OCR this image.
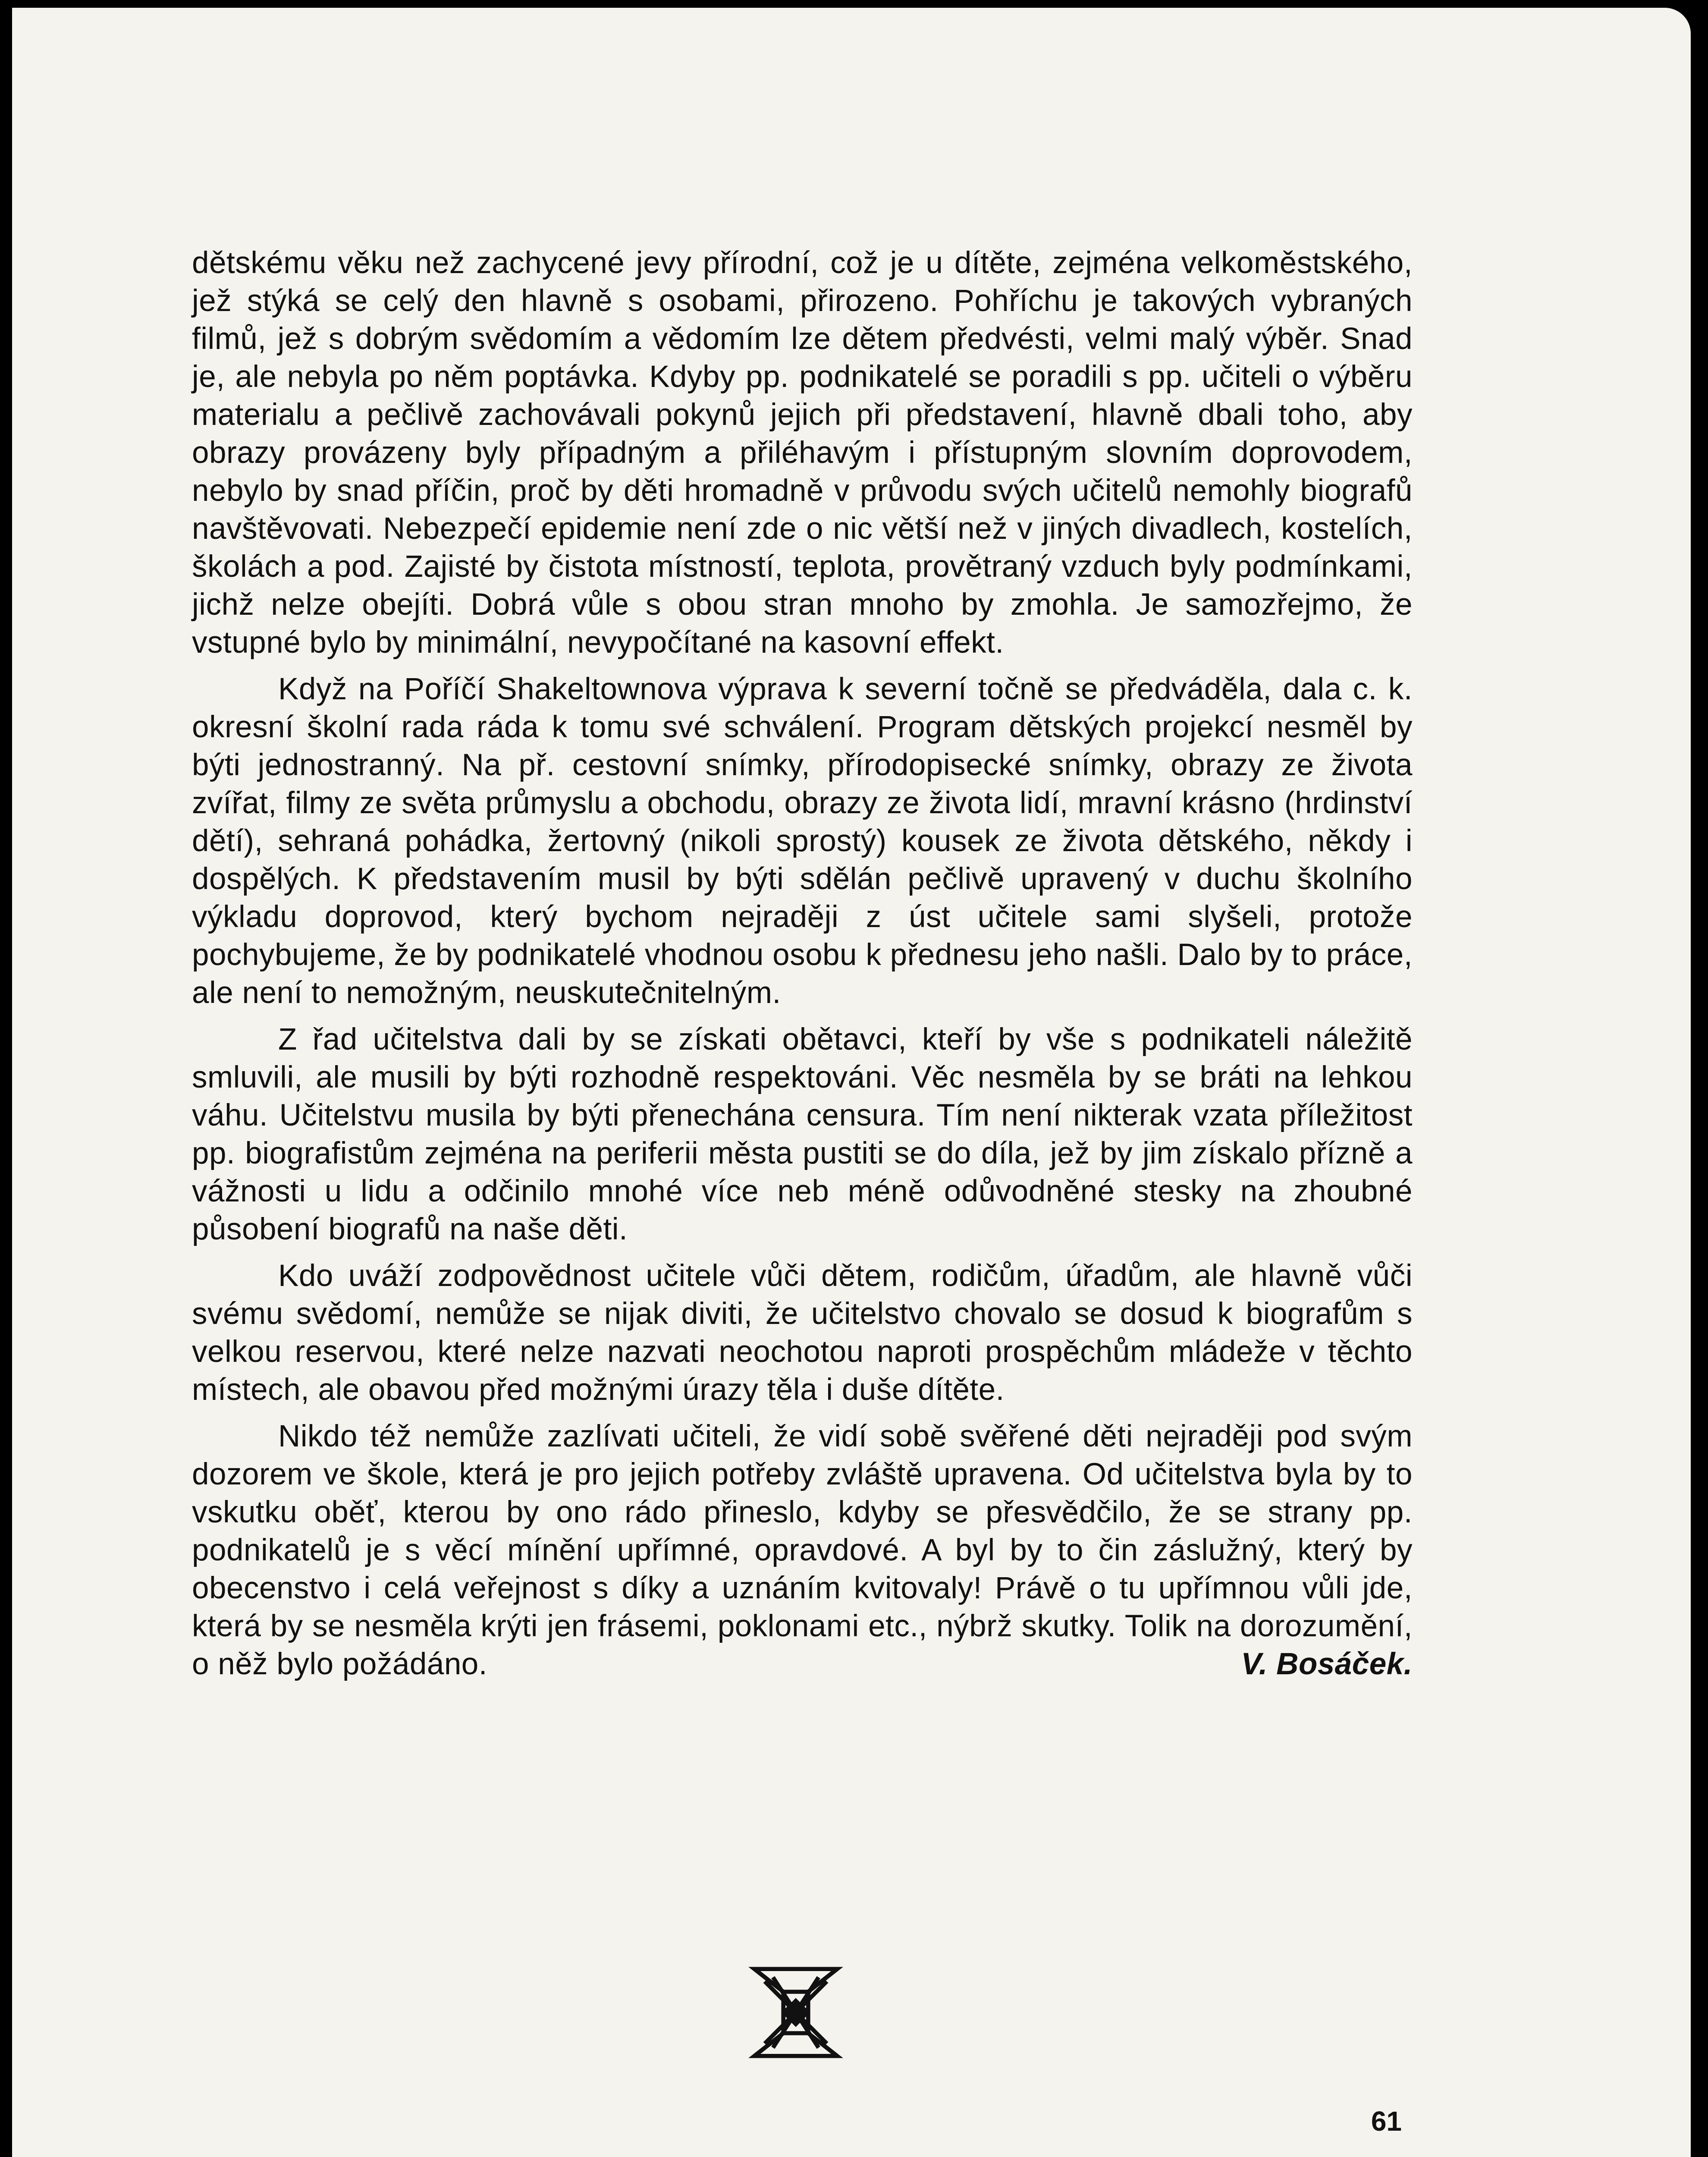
dětskému věku než zachycené jevy přírodní, což je u dítěte, zejména velkoměstského, jež stýká se celý den hlavně s osobami, přirozeno. Pohříchu je takových vybraných filmů, jež s dobrým svědomím a vědomím lze dětem předvésti, velmi malý výběr. Snad je, ale nebyla po něm poptávka. Kdyby pp. podnikatelé se poradili s pp. učiteli o výběru materialu a pečlivě zachovávali pokynů jejich při představení, hlavně dbali toho, aby obrazy provázeny byly případným a přiléhavým i přístupným slovním doprovodem, nebylo by snad příčin, proč by děti hromadně v průvodu svých učitelů nemohly biografů navštěvovati. Nebezpečí epidemie není zde o nic větší než v jiných divadlech, kostelích, školách a pod. Zajisté by čistota místností, teplota, provětraný vzduch byly podmínkami, jichž nelze obejíti. Dobrá vůle s obou stran mnoho by zmohla. Je samozřejmo, že vstupné bylo by minimální, nevypočítané na kasovní effekt.

Když na Poříčí Shakeltownova výprava k severní točně se předváděla, dala c. k. okresní školní rada ráda k tomu své schválení. Program dětských projekcí nesměl by býti jednostranný. Na př. cestovní snímky, přírodopisecké snímky, obrazy ze života zvířat, filmy ze světa průmyslu a obchodu, obrazy ze života lidí, mravní krásno (hrdinství dětí), sehraná pohádka, žertovný (nikoli sprostý) kousek ze života dětského, někdy i dospělých. K představením musil by býti sdělán pečlivě upravený v duchu školního výkladu doprovod, který bychom nejraději z úst učitele sami slyšeli, protože pochybujeme, že by podnikatelé vhodnou osobu k přednesu jeho našli. Dalo by to práce, ale není to nemožným, neuskutečnitelným.

Z řad učitelstva dali by se získati obětavci, kteří by vše s podnikateli náležitě smluvili, ale musili by býti rozhodně respektováni. Věc nesměla by se bráti na lehkou váhu. Učitelstvu musila by býti přenechána censura. Tím není nikterak vzata příležitost pp. biografistům zejména na periferii města pustiti se do díla, jež by jim získalo přízně a vážnosti u lidu a odčinilo mnohé více neb méně odůvodněné stesky na zhoubné působení biografů na naše děti.

Kdo uváží zodpovědnost učitele vůči dětem, rodičům, úřadům, ale hlavně vůči svému svědomí, nemůže se nijak diviti, že učitelstvo chovalo se dosud k biografům s velkou reservou, které nelze nazvati neochotou naproti prospěchům mládeže v těchto místech, ale obavou před možnými úrazy těla i duše dítěte.

Nikdo též nemůže zazlívati učiteli, že vidí sobě svěřené děti nejraději pod svým dozorem ve škole, která je pro jejich potřeby zvláště upravena. Od učitelstva byla by to vskutku oběť, kterou by ono rádo přineslo, kdyby se přesvědčilo, že se strany pp. podnikatelů je s věcí mínění upřímné, opravdové. A byl by to čin záslužný, který by obecenstvo i celá veřejnost s díky a uznáním kvitovaly! Právě o tu upřímnou vůli jde, která by se nesměla krýti jen frásemi, poklonami etc., nýbrž skutky. Tolik na dorozumění, o něž bylo požádáno.	V. Bosáček.

61
